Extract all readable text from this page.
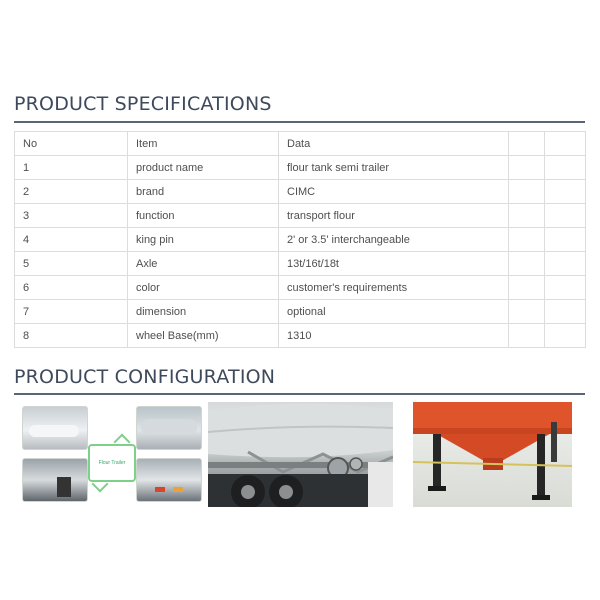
PRODUCT SPECIFICATIONS
No	Item	Data		
1	product name	flour tank semi trailer		
2	brand	CIMC		
3	function	transport flour		
4	king pin	2' or 3.5' interchangeable		
5	Axle	13t/16t/18t		
6	color	customer's requirements		
7	dimension	optional		
8	wheel Base(mm)	1310		
PRODUCT CONFIGURATION
Flour Trailer
